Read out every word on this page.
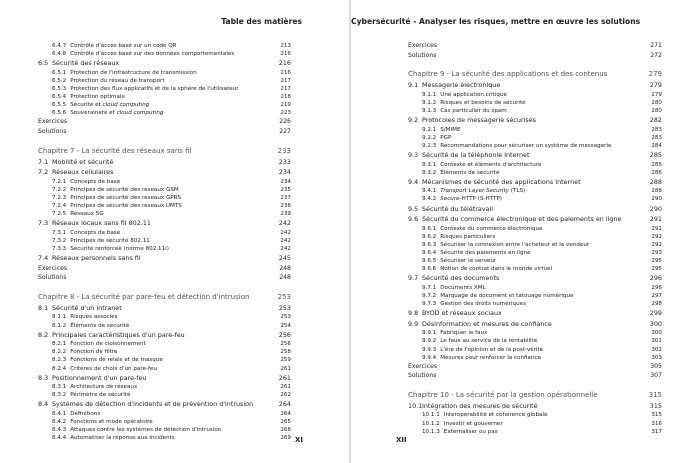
Table des matières
6.4.7 Contrôle d'accès basé sur un code QR	213
6.4.8 Contrôle d'accès basé sur des données comportementales	216
6.5 Sécurité des réseaux	216
6.5.1 Protection de l'infrastructure de transmission	216
6.5.2 Protection du réseau de transport	217
6.5.3 Protection des flux applicatifs et de la sphère de l'utilisateur	217
6.5.4 Protection optimale	218
6.5.5 Sécurité et cloud computing	219
6.5.6 Souveraineté et cloud computing	223
Exercices	226
Solutions	227
Chapitre 7 - La sécurité des réseaux sans fil	233
7.1 Mobilité et sécurité	233
7.2 Réseaux cellulaires	234
7.2.1 Concepts de base	234
7.2.2 Principes de sécurité des réseaux GSM	235
7.2.3 Principes de sécurité des réseaux GPRS	237
7.2.4 Principes de sécurité des réseaux UMTS	238
7.2.5 Réseaux 5G	239
7.3 Réseaux locaux sans fil 802.11	242
7.3.1 Concepts de base	242
7.3.2 Principes de sécurité 802.11	242
7.3.3 Sécurité renforcée (norme 802.11i)	242
7.4 Réseaux personnels sans fil	245
Exercices	248
Solutions	248
Chapitre 8 - La sécurité par pare-feu et détection d'intrusion	253
8.1 Sécurité d'un intranet	253
8.1.1 Risques associés	253
8.1.2 Éléments de sécurité	254
8.2 Principales caractéristiques d'un pare-feu	256
8.2.1 Fonction de cloisonnement	256
8.2.2 Fonction de filtre	258
8.2.3 Fonctions de relais et de masque	259
8.2.4 Critères de choix d'un pare-feu	261
8.3 Positionnement d'un pare-feu	261
8.3.1 Architecture de réseaux	261
8.3.2 Périmètre de sécurité	262
8.4 Systèmes de détection d'incidents et de prévention d'intrusion	264
8.4.1 Définitions	264
8.4.2 Fonctions et mode opératoire	265
8.4.3 Attaques contre les systèmes de détection d'intrusion	268
8.4.4 Automatiser la réponse aux incidents	269 XI
Cybersécurité - Analyser les risques, mettre en œuvre les solutions
Exercices	271
Solutions	272
Chapitre 9 - La sécurité des applications et des contenus	279
9.1 Messagerie électronique	279
9.1.1 Une application critique	279
9.1.2 Risques et besoins de sécurité	280
9.1.3 Cas particulier du spam	280
9.2 Protocoles de messagerie sécurisés	282
9.2.1 S/MIME	283
9.2.2 PGP	283
9.2.3 Recommandations pour sécuriser un système de messagerie	284
9.3 Sécurité de la téléphonie Internet	285
9.3.1 Contexte et éléments d'architecture	285
9.3.2 Éléments de sécurité	286
9.4 Mécanismes de sécurité des applications Internet	288
9.4.1 Transport Layer Security (TLS)	288
9.4.2 Secure-HTTP (S-HTTP)	290
9.5 Sécurité du télétravail	290
9.6 Sécurité du commerce électronique et des paiements en ligne	291
9.6.1 Contexte du commerce électronique	291
9.6.2 Risques particuliers	292
9.6.3 Sécuriser la connexion entre l'acheteur et le vendeur	292
9.6.4 Sécurité des paiements en ligne	293
9.6.5 Sécuriser le serveur	295
9.6.6 Notion de contrat dans le monde virtuel	295
9.7 Sécurité des documents	296
9.7.1 Documents XML	296
9.7.2 Marquage de document et tatouage numérique	297
9.7.3 Gestion des droits numériques	298
9.8 BYOD et réseaux sociaux	299
9.9 Désinformation et mesures de confiance	300
9.9.1 Fabriquer le faux	300
9.9.2 Le faux au service de la rentabilité	301
9.9.3 L'ère de l'opinion et de la post-vérité	302
9.9.4 Mesures pour renforcer la confiance	303
Exercices	305
Solutions	307
Chapitre 10 - La sécurité par la gestion opérationnelle	315
10.1Intégration des mesures de sécurité	315
10.1.1 Interopérabilité et cohérence globale	315
10.1.2 Investir et gouverner	316
10.1.3 Externaliser ou pas	317
XII
